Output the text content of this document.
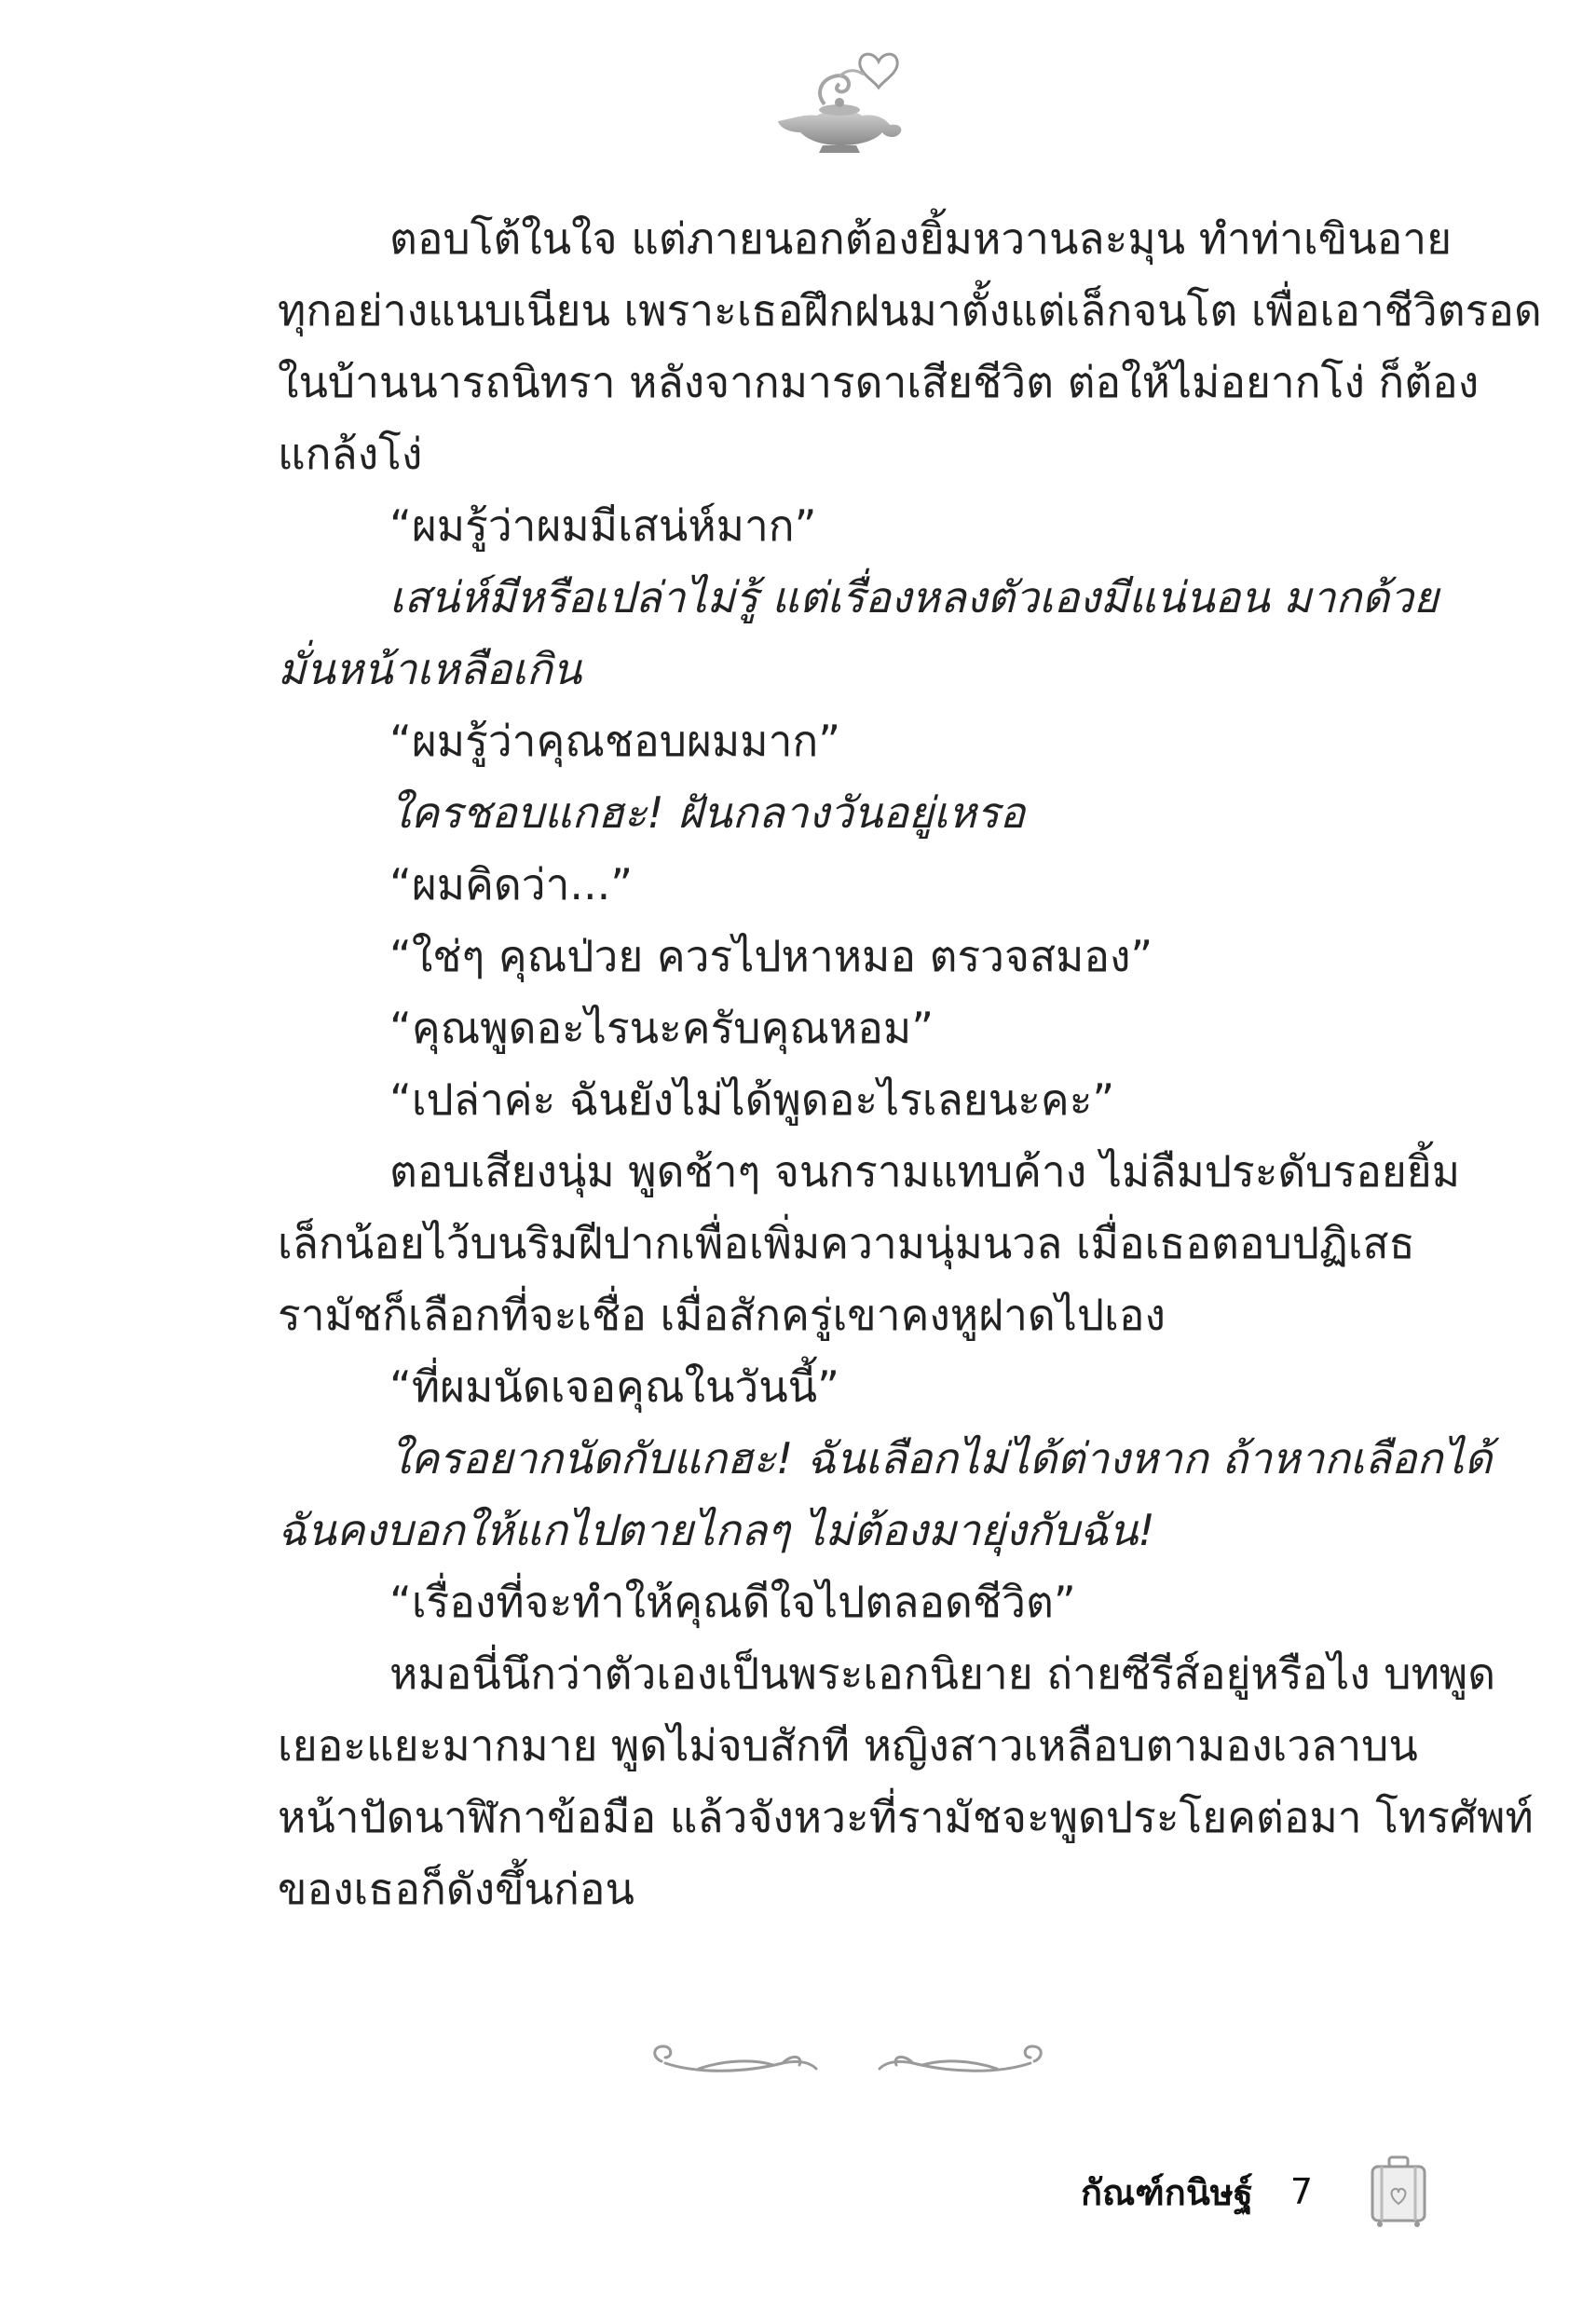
ตอบโต้ในใจ แต่ภายนอกต้องยิ้มหวานละมุน ทำท่าเขินอาย
ทุกอย่างแนบเนียน เพราะเธอฝึกฝนมาตั้งแต่เล็กจนโต เพื่อเอาชีวิตรอด
ในบ้านนารถนิทรา หลังจากมารดาเสียชีวิต ต่อให้ไม่อยากโง่ ก็ต้อง
แกล้งโง่
“ผมรู้ว่าผมมีเสน่ห์มาก”
เสน่ห์มีหรือเปล่าไม่รู้ แต่เรื่องหลงตัวเองมีแน่นอน มากด้วย
มั่นหน้าเหลือเกิน
“ผมรู้ว่าคุณชอบผมมาก”
ใครชอบแกฮะ! ฝันกลางวันอยู่เหรอ
“ผมคิดว่า...”
“ใช่ๆ คุณป่วย ควรไปหาหมอ ตรวจสมอง”
“คุณพูดอะไรนะครับคุณหอม”
“เปล่าค่ะ ฉันยังไม่ได้พูดอะไรเลยนะคะ”
ตอบเสียงนุ่ม พูดช้าๆ จนกรามแทบค้าง ไม่ลืมประดับรอยยิ้ม
เล็กน้อยไว้บนริมฝีปากเพื่อเพิ่มความนุ่มนวล เมื่อเธอตอบปฏิเสธ
รามัชก็เลือกที่จะเชื่อ เมื่อสักครู่เขาคงหูฝาดไปเอง
“ที่ผมนัดเจอคุณในวันนี้”
ใครอยากนัดกับแกฮะ! ฉันเลือกไม่ได้ต่างหาก ถ้าหากเลือกได้
ฉันคงบอกให้แกไปตายไกลๆ ไม่ต้องมายุ่งกับฉัน!
“เรื่องที่จะทำให้คุณดีใจไปตลอดชีวิต”
หมอนี่นึกว่าตัวเองเป็นพระเอกนิยาย ถ่ายซีรีส์อยู่หรือไง บทพูด
เยอะแยะมากมาย พูดไม่จบสักที หญิงสาวเหลือบตามองเวลาบน
หน้าปัดนาฬิกาข้อมือ แล้วจังหวะที่รามัชจะพูดประโยคต่อมา โทรศัพท์
ของเธอก็ดังขึ้นก่อน
กัณฑ์กนิษฐ์ 7
